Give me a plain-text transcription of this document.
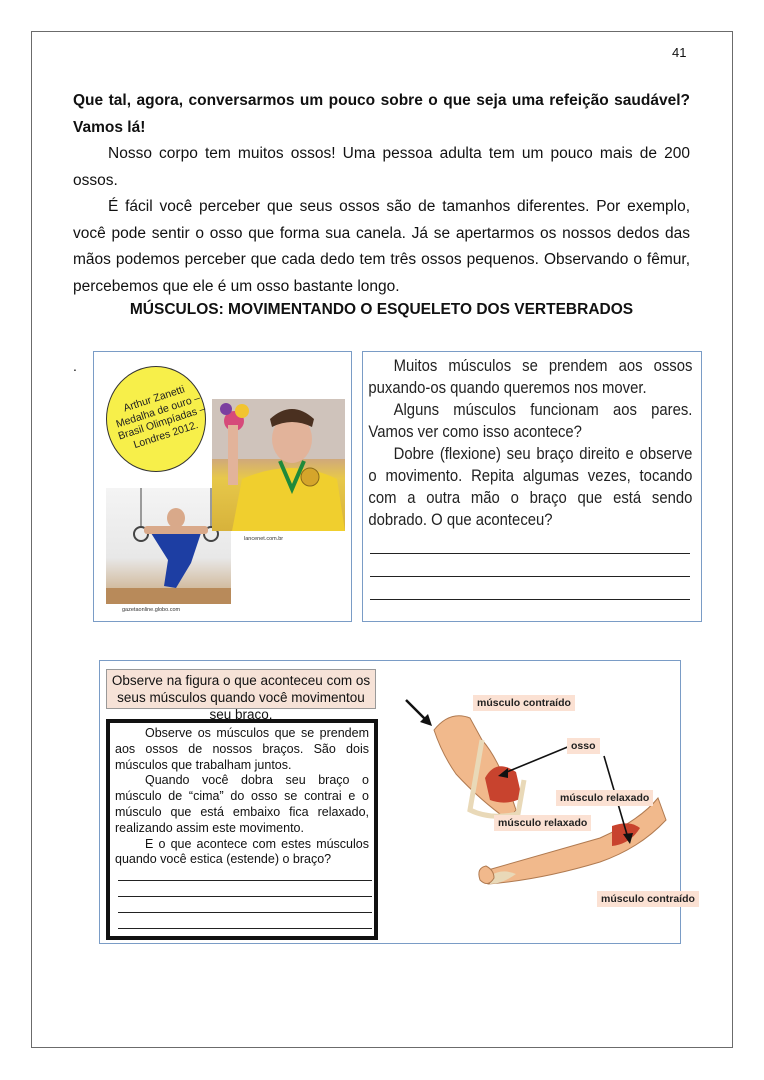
41
Que tal, agora, conversarmos um pouco sobre o que seja uma refeição saudável? Vamos lá!
Nosso corpo tem muitos ossos! Uma pessoa adulta tem um pouco mais de 200 ossos.
É fácil você perceber que seus ossos são de tamanhos diferentes. Por exemplo, você pode sentir o osso que forma sua canela. Já se apertarmos os nossos dedos das mãos podemos perceber que cada dedo tem três ossos pequenos. Observando o fêmur, percebemos que ele é um osso bastante longo.
MÚSCULOS: MOVIMENTANDO O ESQUELETO DOS VERTEBRADOS
.
Arthur Zanetti Medalha de ouro – Brasil Olimpíadas – Londres 2012.
lancenet.com.br
gazetaonline.globo.com

Muitos músculos se prendem aos ossos puxando-os quando queremos nos mover.

Alguns músculos funcionam aos pares. Vamos ver como isso acontece?

Dobre (flexione) seu braço direito e observe o movimento. Repita algumas vezes, tocando com a outra mão o braço que está sendo dobrado. O que aconteceu?

Observe na figura o que aconteceu com os seus músculos quando você movimentou seu braço.

Observe os músculos que se prendem aos ossos de nossos braços. São dois músculos que trabalham juntos.

Quando você dobra seu braço o músculo de “cima” do osso se contrai e o músculo que está embaixo fica relaxado, realizando assim este movimento.

E o que acontece com estes músculos quando você estica (estende) o braço?

músculo contraído
osso
músculo relaxado
músculo relaxado
músculo contraído
